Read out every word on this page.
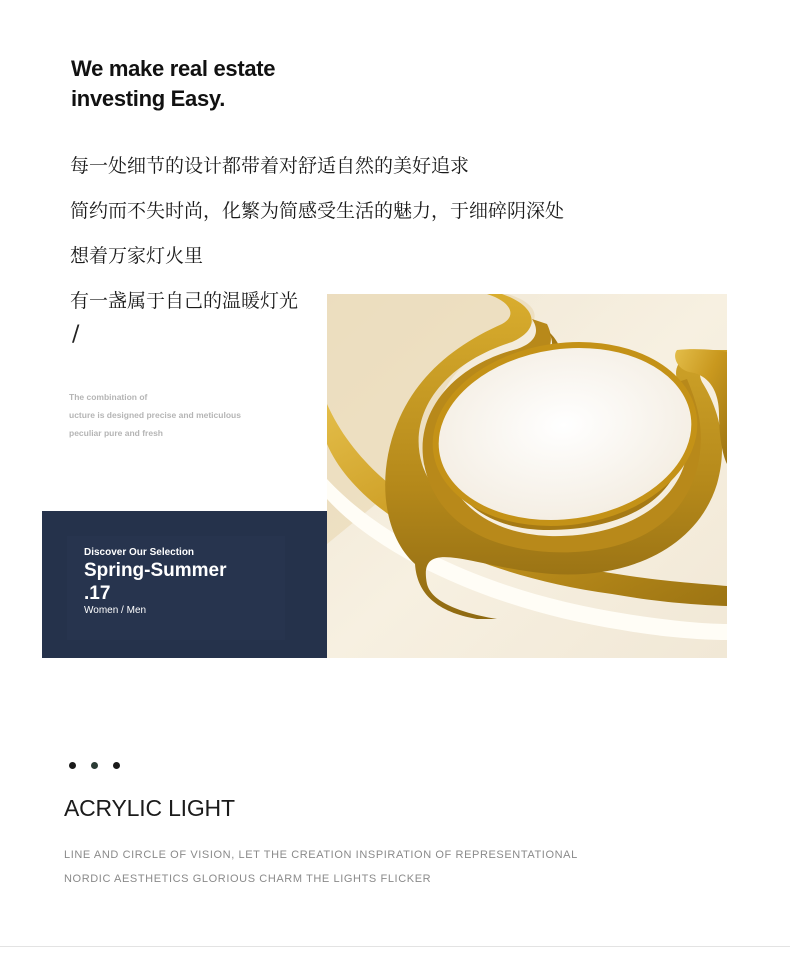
We make real estate
investing Easy.
每一处细节的设计都带着对舒适自然的美好追求
简约而不失时尚，化繁为简感受生活的魅力，于细碎阴深处
想着万家灯火里
有一盏属于自己的温暖灯光
/
The combination of
ucture is designed precise and meticulous
peculiar pure and fresh

Discover Our Selection

Spring-Summer

.17

Women / Men

ACRYLIC LIGHT
LINE AND CIRCLE OF VISION, LET THE CREATION INSPIRATION OF REPRESENTATIONAL
NORDIC AESTHETICS GLORIOUS CHARM THE LIGHTS FLICKER
